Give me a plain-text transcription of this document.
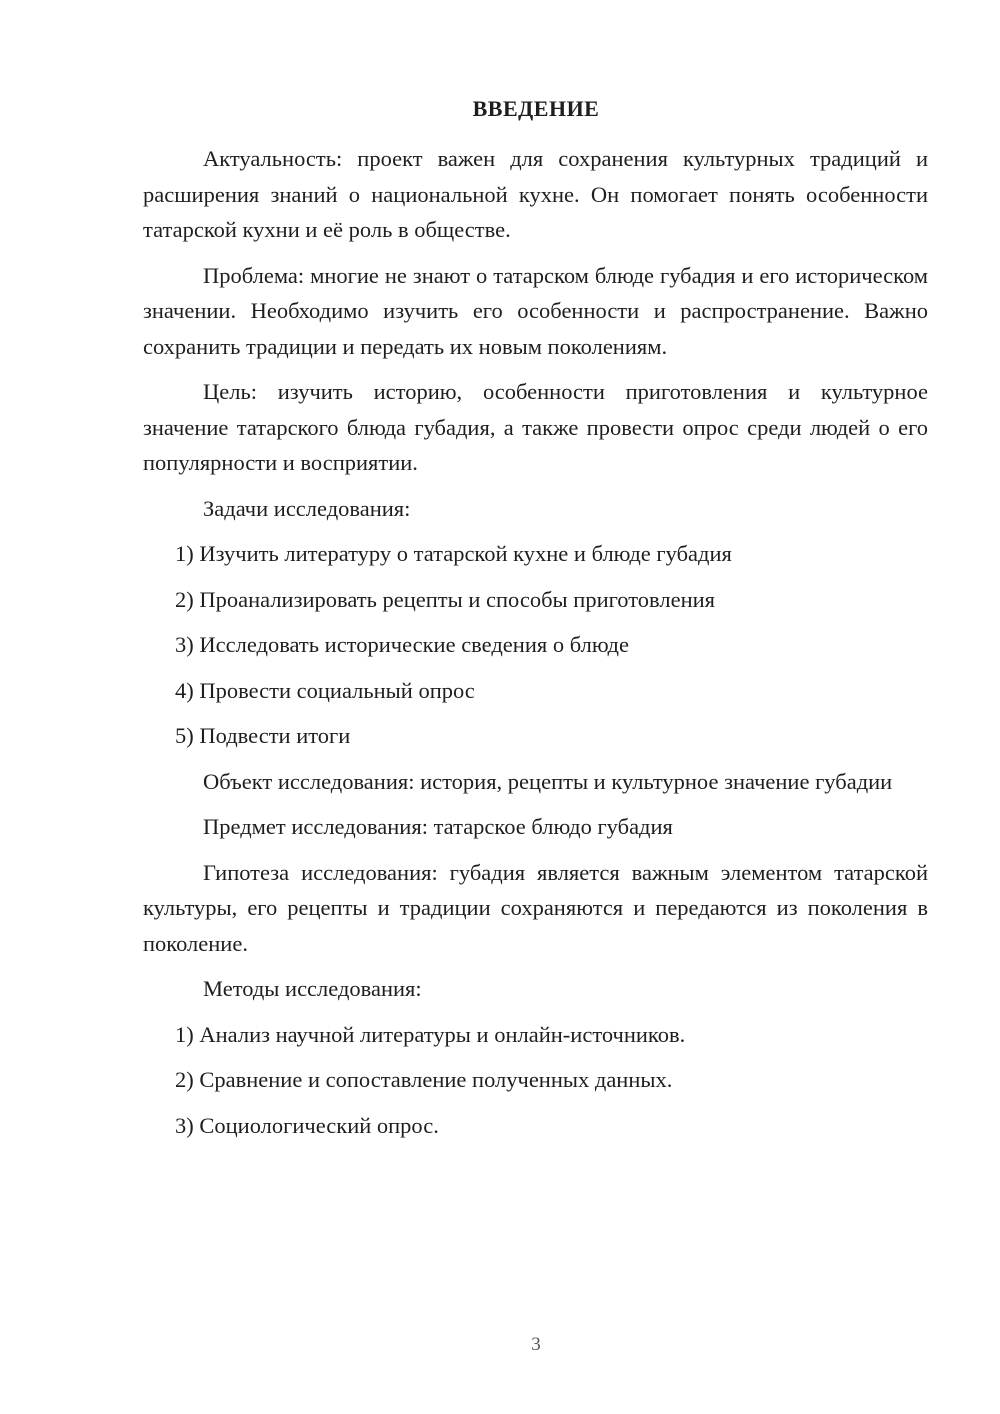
ВВЕДЕНИЕ

Актуальность: проект важен для сохранения культурных традиций и расширения знаний о национальной кухне. Он помогает понять особенности татарской кухни и её роль в обществе.

Проблема: многие не знают о татарском блюде губадия и его историческом значении. Необходимо изучить его особенности и распространение. Важно сохранить традиции и передать их новым поколениям.

Цель: изучить историю, особенности приготовления и культурное значение татарского блюда губадия, а также провести опрос среди людей о его популярности и восприятии.

Задачи исследования:

1) Изучить литературу о татарской кухне и блюде губадия

2) Проанализировать рецепты и способы приготовления

3) Исследовать исторические сведения о блюде

4) Провести социальный опрос

5) Подвести итоги

Объект исследования: история, рецепты и культурное значение губадии

Предмет исследования: татарское блюдо губадия

Гипотеза исследования: губадия является важным элементом татарской культуры, его рецепты и традиции сохраняются и передаются из поколения в поколение.

Методы исследования:

1) Анализ научной литературы и онлайн-источников.

2) Сравнение и сопоставление полученных данных.

3) Социологический опрос.

3
